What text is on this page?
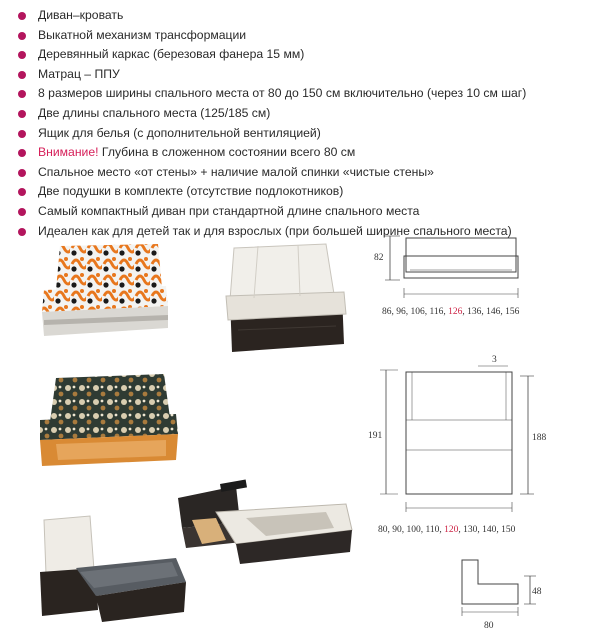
Диван–кровать
Выкатной механизм трансформации
Деревянный каркас (березовая фанера 15 мм)
Матрац – ППУ
8 размеров ширины спального места от 80 до 150 см включительно (через 10 см шаг)
Две длины спального места (125/185 см)
Ящик для белья (с дополнительной вентиляцией)
Внимание! Глубина в сложенном состоянии всего 80 см
Спальное место «от стены» + наличие малой спинки «чистые стены»
Две подушки в комплекте (отсутствие подлокотников)
Самый компактный диван при стандартной длине спального места
Идеален как для детей так и для взрослых (при большей ширине спального места)
82
86, 96, 106, 116, 126, 136, 146, 156
3
191	188
80, 90, 100, 110, 120, 130, 140, 150
48
80
